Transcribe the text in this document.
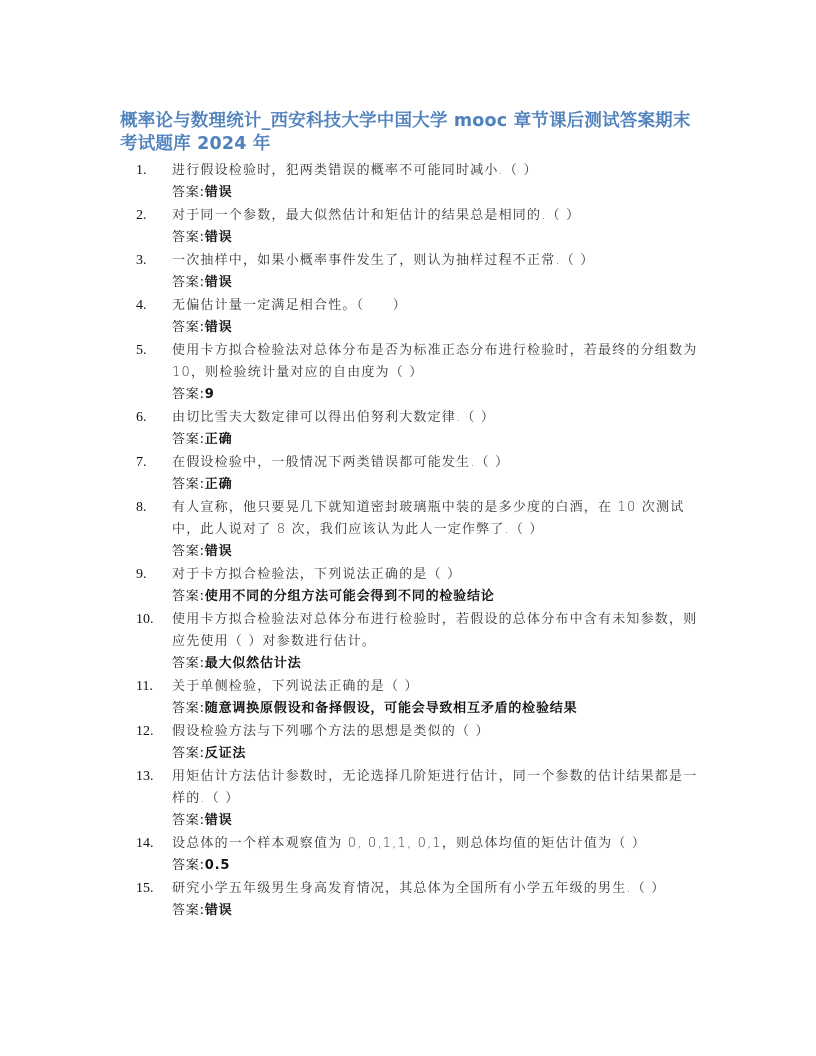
概率论与数理统计_西安科技大学中国大学 mooc 章节课后测试答案期末考试题库 2024 年
1. 进行假设检验时，犯两类错误的概率不可能同时减小.（ ）
答案:错误
2. 对于同一个参数，最大似然估计和矩估计的结果总是相同的.（ ）
答案:错误
3. 一次抽样中，如果小概率事件发生了，则认为抽样过程不正常.（ ）
答案:错误
4. 无偏估计量一定满足相合性。（　　）
答案:错误
5. 使用卡方拟合检验法对总体分布是否为标准正态分布进行检验时，若最终的分组数为 10，则检验统计量对应的自由度为（ ）
答案:9
6. 由切比雪夫大数定律可以得出伯努利大数定律.（ ）
答案:正确
7. 在假设检验中，一般情况下两类错误都可能发生.（ ）
答案:正确
8. 有人宣称，他只要晃几下就知道密封玻璃瓶中装的是多少度的白酒，在 10 次测试中，此人说对了 8 次，我们应该认为此人一定作弊了.（ ）
答案:错误
9. 对于卡方拟合检验法，下列说法正确的是（ ）
答案:使用不同的分组方法可能会得到不同的检验结论
10. 使用卡方拟合检验法对总体分布进行检验时，若假设的总体分布中含有未知参数，则应先使用（ ）对参数进行估计。
答案:最大似然估计法
11. 关于单侧检验，下列说法正确的是（ ）
答案:随意调换原假设和备择假设，可能会导致相互矛盾的检验结果
12. 假设检验方法与下列哪个方法的思想是类似的（ ）
答案:反证法
13. 用矩估计方法估计参数时，无论选择几阶矩进行估计，同一个参数的估计结果都是一样的.（ ）
答案:错误
14. 设总体的一个样本观察值为 0, 0,1,1, 0,1，则总体均值的矩估计值为（ ）
答案:0.5
15. 研究小学五年级男生身高发育情况，其总体为全国所有小学五年级的男生.（ ）
答案:错误
